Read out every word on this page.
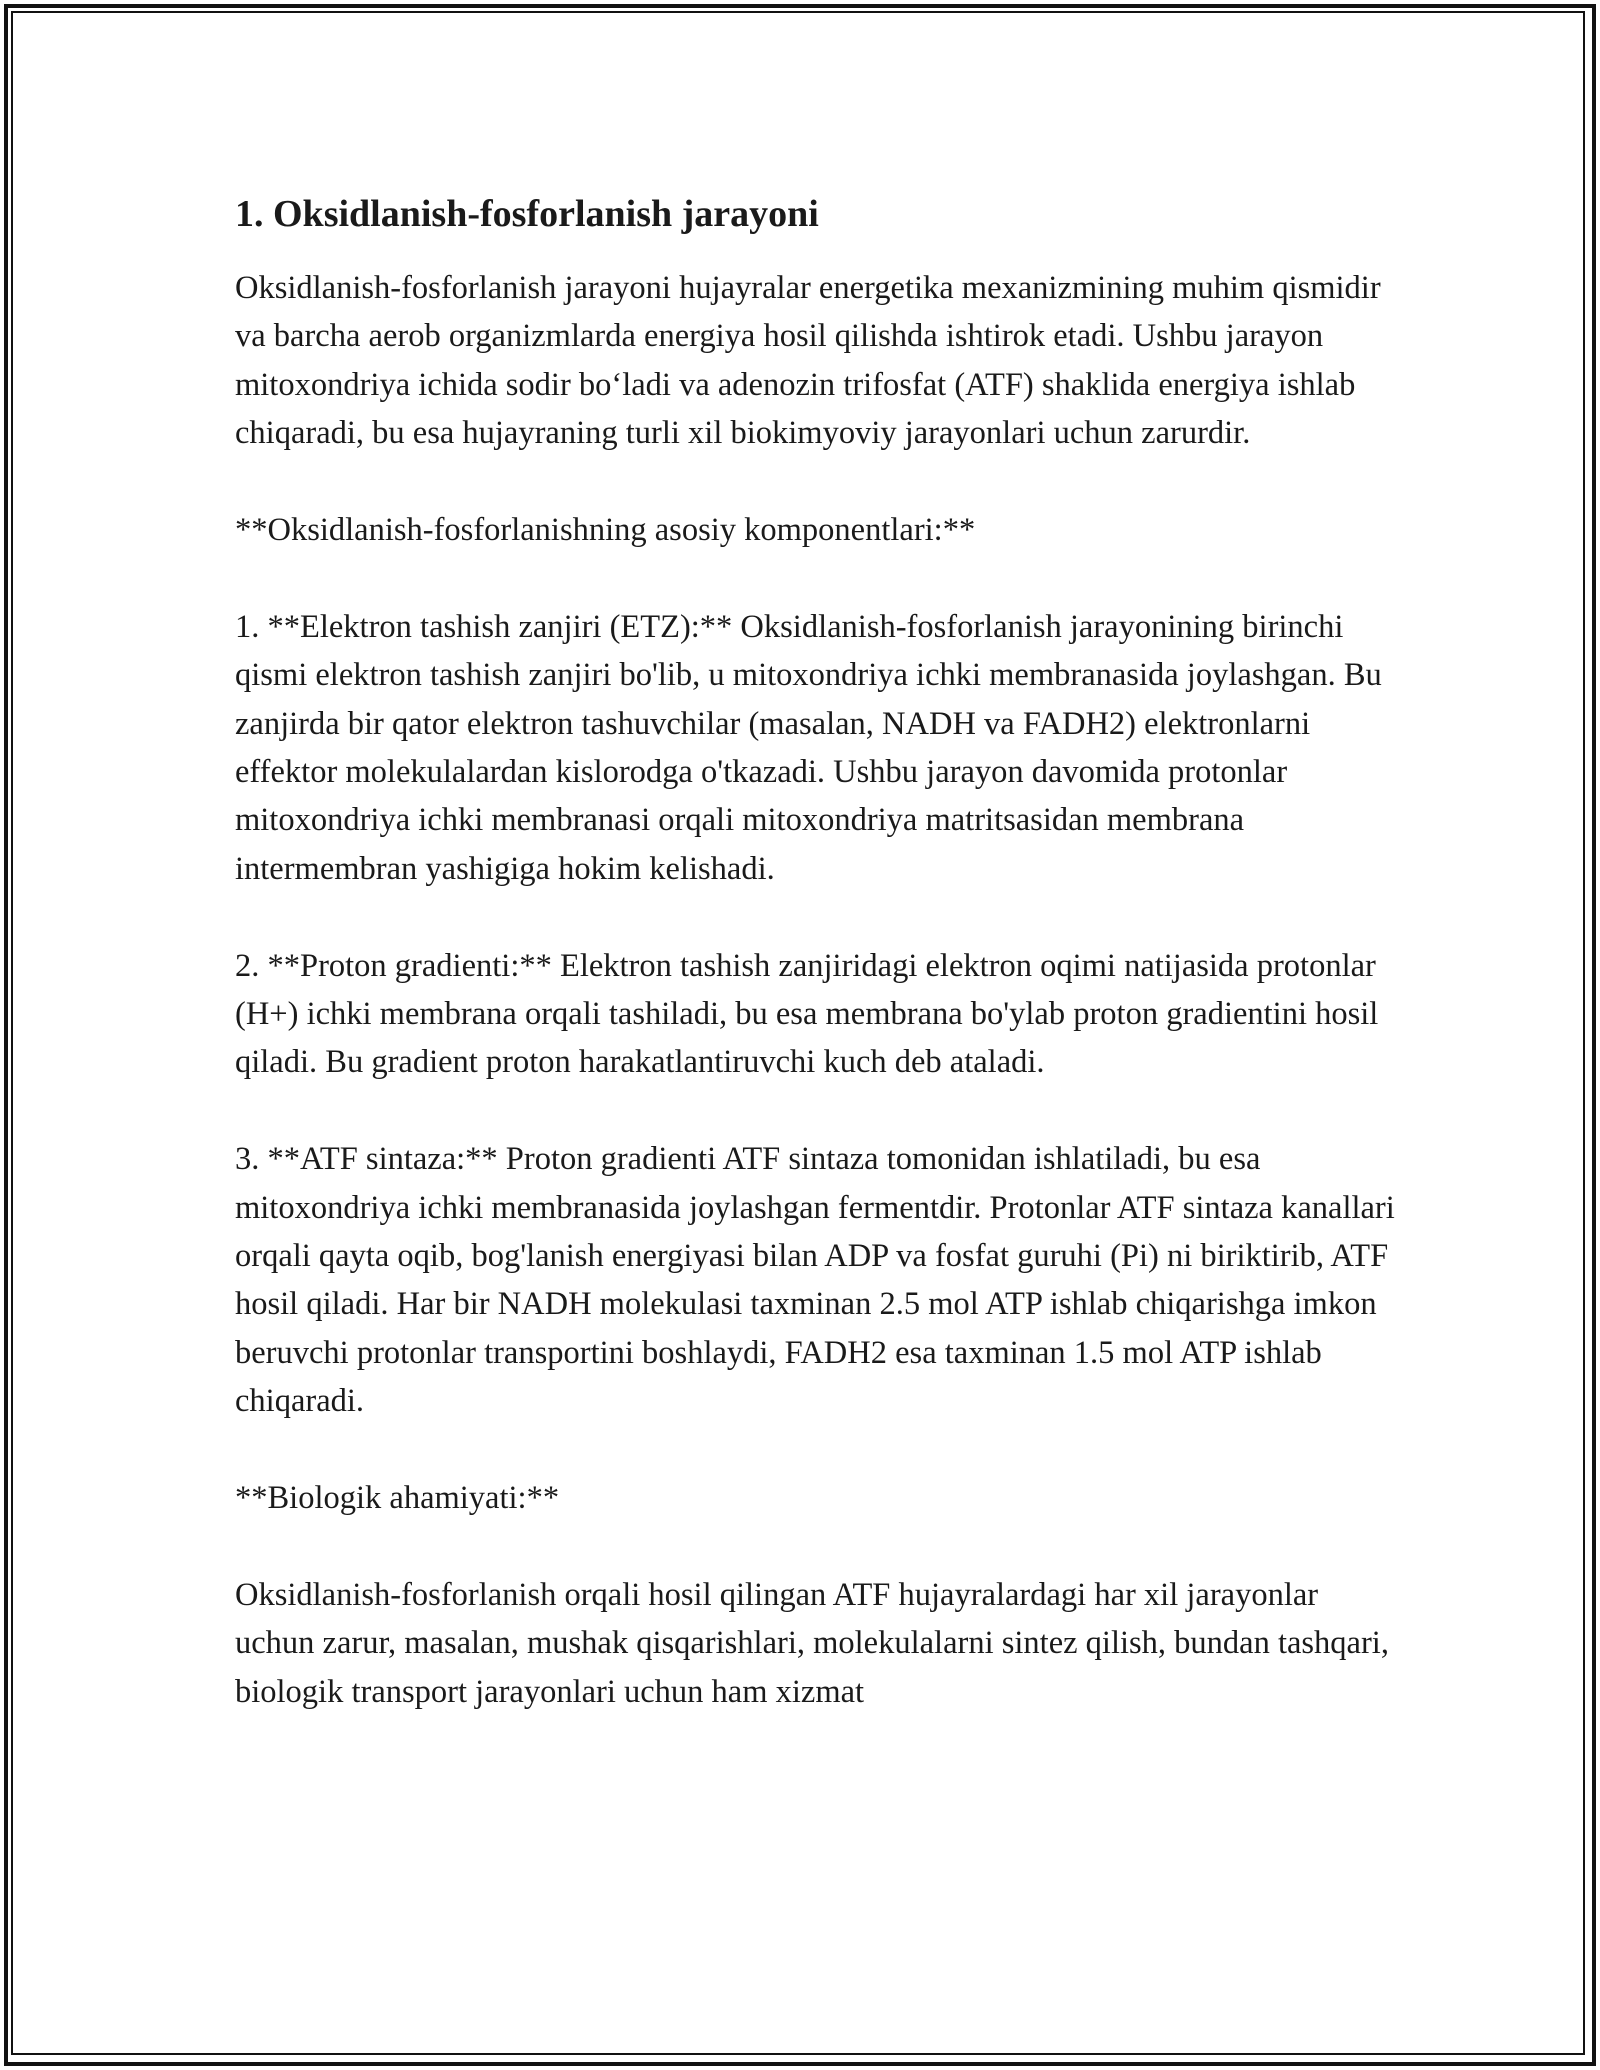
1. Oksidlanish-fosforlanish jarayoni

Oksidlanish-fosforlanish jarayoni hujayralar energetika mexanizmining muhim qismidir va barcha aerob organizmlarda energiya hosil qilishda ishtirok etadi. Ushbu jarayon mitoxondriya ichida sodir bo‘ladi va adenozin trifosfat (ATF) shaklida energiya ishlab chiqaradi, bu esa hujayraning turli xil biokimyoviy jarayonlari uchun zarurdir.

**Oksidlanish-fosforlanishning asosiy komponentlari:**

1. **Elektron tashish zanjiri (ETZ):** Oksidlanish-fosforlanish jarayonining birinchi qismi elektron tashish zanjiri bo'lib, u mitoxondriya ichki membranasida joylashgan. Bu zanjirda bir qator elektron tashuvchilar (masalan, NADH va FADH2) elektronlarni effektor molekulalardan kislorodga o'tkazadi. Ushbu jarayon davomida protonlar mitoxondriya ichki membranasi orqali mitoxondriya matritsasidan membrana intermembran yashigiga hokim kelishadi.

2. **Proton gradienti:** Elektron tashish zanjiridagi elektron oqimi natijasida protonlar (H+) ichki membrana orqali tashiladi, bu esa membrana bo'ylab proton gradientini hosil qiladi. Bu gradient proton harakatlantiruvchi kuch deb ataladi.

3. **ATF sintaza:** Proton gradienti ATF sintaza tomonidan ishlatiladi, bu esa mitoxondriya ichki membranasida joylashgan fermentdir. Protonlar ATF sintaza kanallari orqali qayta oqib, bog'lanish energiyasi bilan ADP va fosfat guruhi (Pi) ni biriktirib, ATF hosil qiladi. Har bir NADH molekulasi taxminan 2.5 mol ATP ishlab chiqarishga imkon beruvchi protonlar transportini boshlaydi, FADH2 esa taxminan 1.5 mol ATP ishlab chiqaradi.

**Biologik ahamiyati:**

Oksidlanish-fosforlanish orqali hosil qilingan ATF hujayralardagi har xil jarayonlar uchun zarur, masalan, mushak qisqarishlari, molekulalarni sintez qilish, bundan tashqari, biologik transport jarayonlari uchun ham xizmat
